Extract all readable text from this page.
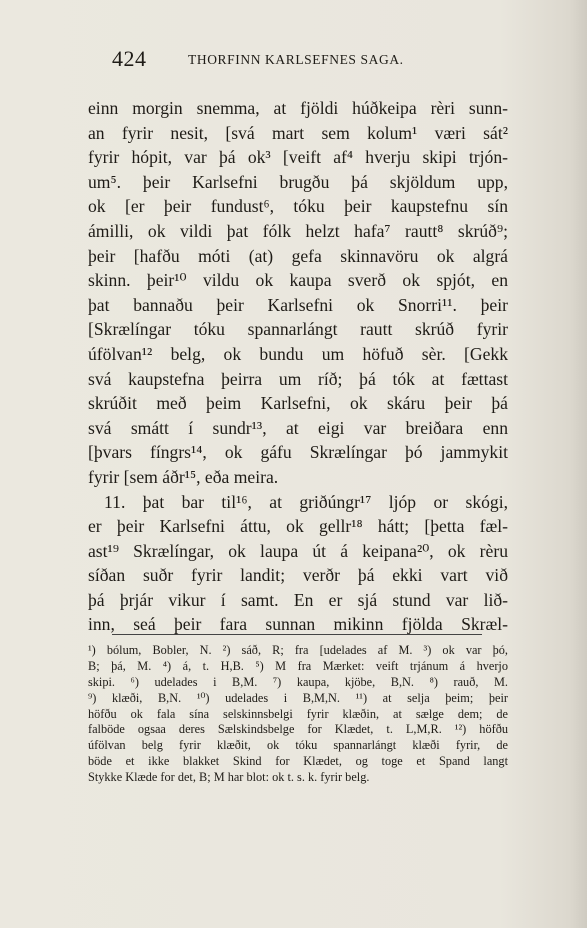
424	THORFINN KARLSEFNES SAGA.
einn morgin snemma, at fjöldi húðkeipa rèri sunn-
an fyrir nesit, [svá mart sem kolum¹ væri sát²
fyrir hópit, var þá ok³ [veift af⁴ hverju skipi trjón-
um⁵. þeir Karlsefni brugðu þá skjöldum upp,
ok [er þeir fundust⁶, tóku þeir kaupstefnu sín
ámilli, ok vildi þat fólk helzt hafa⁷ rautt⁸ skrúð⁹;
þeir [hafðu móti (at) gefa skinnavöru ok algrá
skinn. þeir¹⁰ vildu ok kaupa sverð ok spjót, en
þat bannaðu þeir Karlsefni ok Snorri¹¹. þeir
[Skrælíngar tóku spannarlángt rautt skrúð fyrir
úfölvan¹² belg, ok bundu um höfuð sèr. [Gekk
svá kaupstefna þeirra um ríð; þá tók at fættast
skrúðit með þeim Karlsefni, ok skáru þeir þá
svá smátt í sundr¹³, at eigi var breiðara enn
[þvars fíngrs¹⁴, ok gáfu Skrælíngar þó jammykit
fyrir [sem áðr¹⁵, eða meira.
11. þat bar til¹⁶, at griðúngr¹⁷ ljóp or skógi,
er þeir Karlsefni áttu, ok gellr¹⁸ hátt; [þetta fæl-
ast¹⁹ Skrælíngar, ok laupa út á keipana²⁰, ok rèru
síðan suðr fyrir landit; verðr þá ekki vart við
þá þrjár vikur í samt. En er sjá stund var lið-
inn, seá þeir fara sunnan mikinn fjölda Skræl-
¹) bólum, Bobler, N. ²) sáð, R; fra [udelades af M. ³) ok var þó,
B; þá, M. ⁴) á, t. H,B. ⁵) M fra Mærket: veift trjánum á hverjo
skipi. ⁶) udelades i B,M. ⁷) kaupa, kjöbe, B,N. ⁸) rauð, M.
⁹) klæði, B,N. ¹⁰) udelades i B,M,N. ¹¹) at selja þeim; þeir
höfðu ok fala sína selskinnsbelgi fyrir klæðin, at sælge dem; de
falböde ogsaa deres Sælskindsbelge for Klædet, t. L,M,R. ¹²) höfðu
úfölvan belg fyrir klæðit, ok tóku spannarlángt klæði fyrir, de
böde et ikke blakket Skind for Klædet, og toge et Spand langt
Stykke Klæde for det, B; M har blot: ok t. s. k. fyrir belg.
